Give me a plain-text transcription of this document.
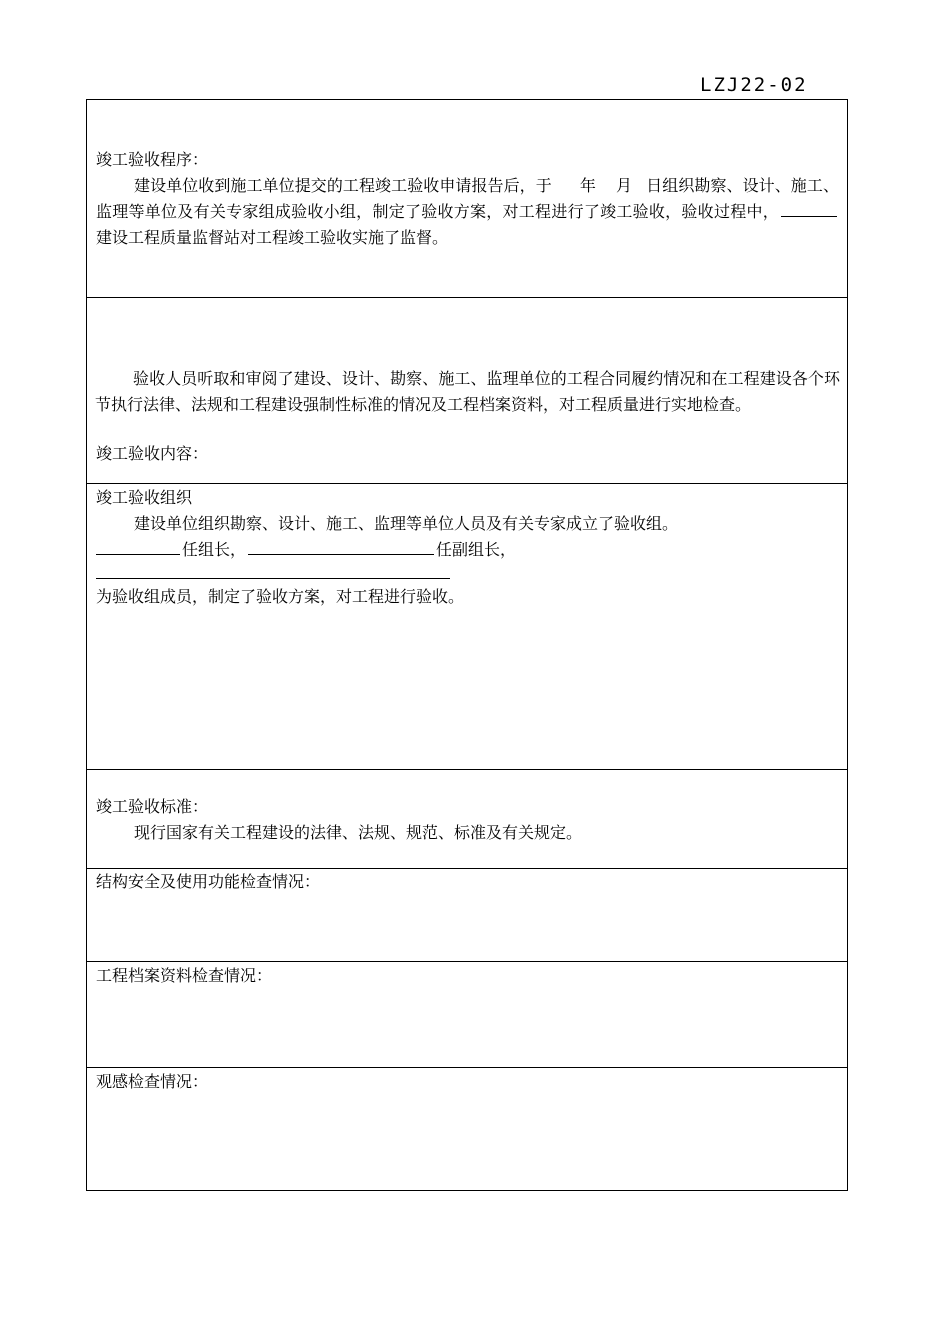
LZJ22-02
竣工验收程序：
建设单位收到施工单位提交的工程竣工验收申请报告后，于 年 月 日组织勘察、设计、施工、监理等单位及有关专家组成验收小组，制定了验收方案，对工程进行了竣工验收，验收过程中，建设工程质量监督站对工程竣工验收实施了监督。
竣工验收内容：
竣工验收组织
建设单位组织勘察、设计、施工、监理等单位人员及有关专家成立了验收组。
任组长，	任副组长，
为验收组成员，制定了验收方案，对工程进行验收。
竣工验收标准：
现行国家有关工程建设的法律、法规、规范、标准及有关规定。
结构安全及使用功能检查情况：
工程档案资料检查情况：
观感检查情况：
验收人员听取和审阅了建设、设计、勘察、施工、监理单位的工程合同履约情况和在工程建设各个环节执行法律、法规和工程建设强制性标准的情况及工程档案资料，对工程质量进行实地检查。
